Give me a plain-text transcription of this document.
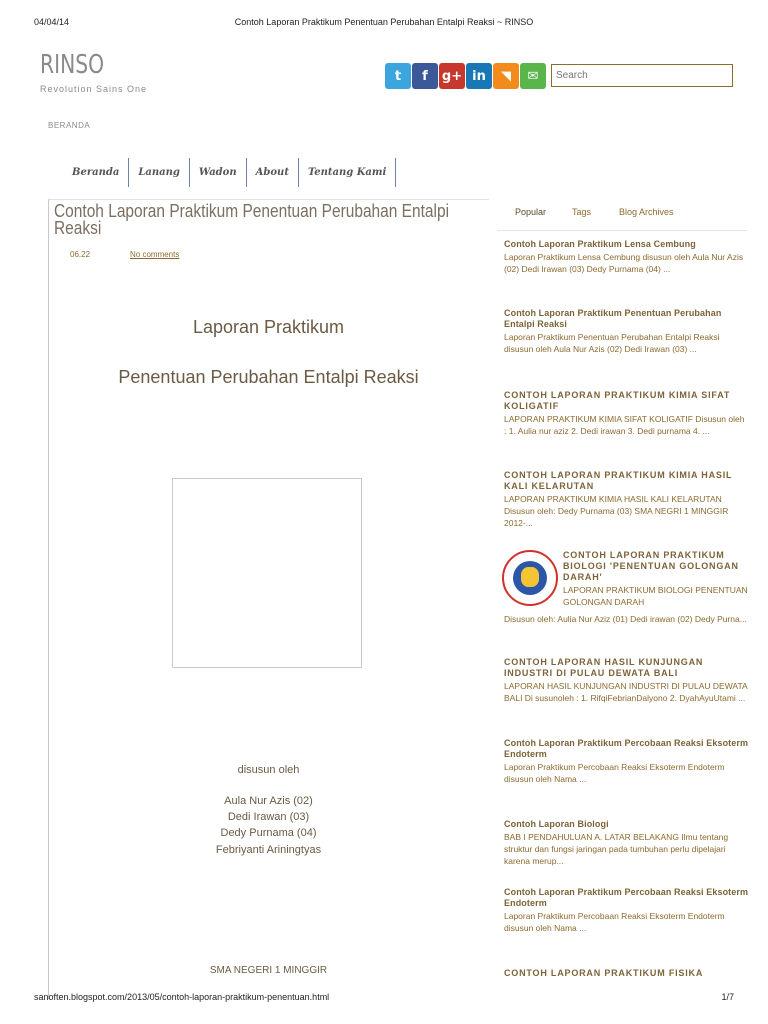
04/04/14	Contoh Laporan Praktikum Penentuan Perubahan Entalpi Reaksi ~ RINSO
RINSO
Revolution Sains One
t	f	g+ in	◥	✉
Search
BERANDA
Beranda	Lanang	Wadon	About	Tentang Kami
Contoh Laporan Praktikum Penentuan Perubahan Entalpi Reaksi
06.22	No comments
Laporan Praktikum
Penentuan Perubahan Entalpi Reaksi
disusun oleh
Aula Nur Azis (02)
Dedi Irawan (03)
Dedy Purnama (04)
Febriyanti Ariningtyas
SMA NEGERI 1 MINGGIR
Popular	Tags	Blog Archives
Contoh Laporan Praktikum Lensa Cembung
Laporan Praktikum Lensa Cembung disusun oleh Aula Nur Azis (02) Dedi Irawan (03) Dedy Purnama (04) ...
Contoh Laporan Praktikum Penentuan Perubahan Entalpi Reaksi
Laporan Praktikum Penentuan Perubahan Entalpi Reaksi disusun oleh Aula Nur Azis (02) Dedi Irawan (03) ...
CONTOH LAPORAN PRAKTIKUM KIMIA SIFAT KOLIGATIF
LAPORAN PRAKTIKUM KIMIA SIFAT KOLIGATIF Disusun oleh : 1. Aulia nur aziz 2. Dedi irawan 3. Dedi purnama 4. ...
CONTOH LAPORAN PRAKTIKUM KIMIA HASIL KALI KELARUTAN
LAPORAN PRAKTIKUM KIMIA HASIL KALI KELARUTAN Disusun oleh: Dedy Purnama (03) SMA NEGRI 1 MINGGIR 2012-...
CONTOH LAPORAN PRAKTIKUM BIOLOGI 'PENENTUAN GOLONGAN DARAH'
LAPORAN PRAKTIKUM BIOLOGI PENENTUAN GOLONGAN DARAH
Disusun oleh: Aulia Nur Aziz (01) Dedi irawan (02) Dedy Purna...
CONTOH LAPORAN HASIL KUNJUNGAN INDUSTRI DI PULAU DEWATA BALI
LAPORAN HASIL KUNJUNGAN INDUSTRI DI PULAU DEWATA BALI Di susunoleh : 1. RifqiFebrianDalyono 2. DyahAyuUtami ...
Contoh Laporan Praktikum Percobaan Reaksi Eksoterm Endoterm
Laporan Praktikum Percobaan Reaksi Eksoterm Endoterm disusun oleh Nama ...
Contoh Laporan Biologi
BAB I PENDAHULUAN A. LATAR BELAKANG Ilmu tentang struktur dan fungsi jaringan pada tumbuhan perlu dipelajari karena merup...
Contoh Laporan Praktikum Percobaan Reaksi Eksoterm Endoterm
Laporan Praktikum Percobaan Reaksi Eksoterm Endoterm disusun oleh Nama ...
CONTOH LAPORAN PRAKTIKUM FISIKA
sanoften.blogspot.com/2013/05/contoh-laporan-praktikum-penentuan.html	1/7
